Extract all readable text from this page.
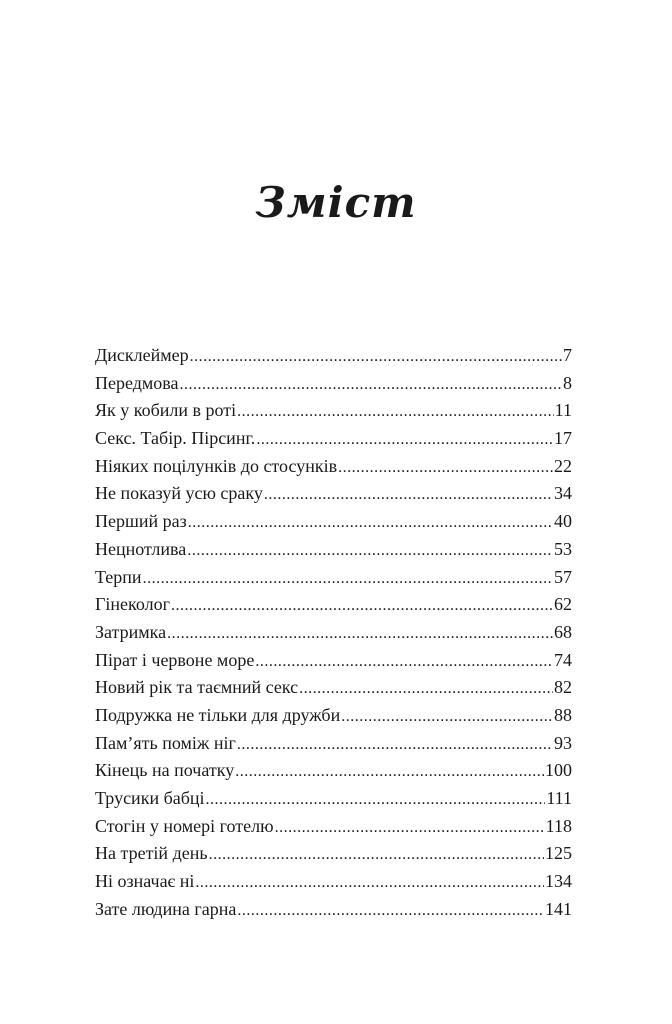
Зміст
Дисклеймер .....	7
Передмова .....	8
Як у кобили в роті .....	11
Секс. Табір. Пірсинг. .....	17
Ніяких поцілунків до стосунків .....	22
Не показуй усю сраку .....	34
Перший раз .....	40
Нецнотлива .....	53
Терпи .....	57
Гінеколог .....	62
Затримка .....	68
Пірат і червоне море .....	74
Новий рік та таємний секс .....	82
Подружка не тільки для дружби .....	88
Пам’ять поміж ніг .....	93
Кінець на початку .....	100
Трусики бабці .....	111
Стогін у номері готелю .....	118
На третій день .....	125
Ні означає ні .....	134
Зате людина гарна .....	141
